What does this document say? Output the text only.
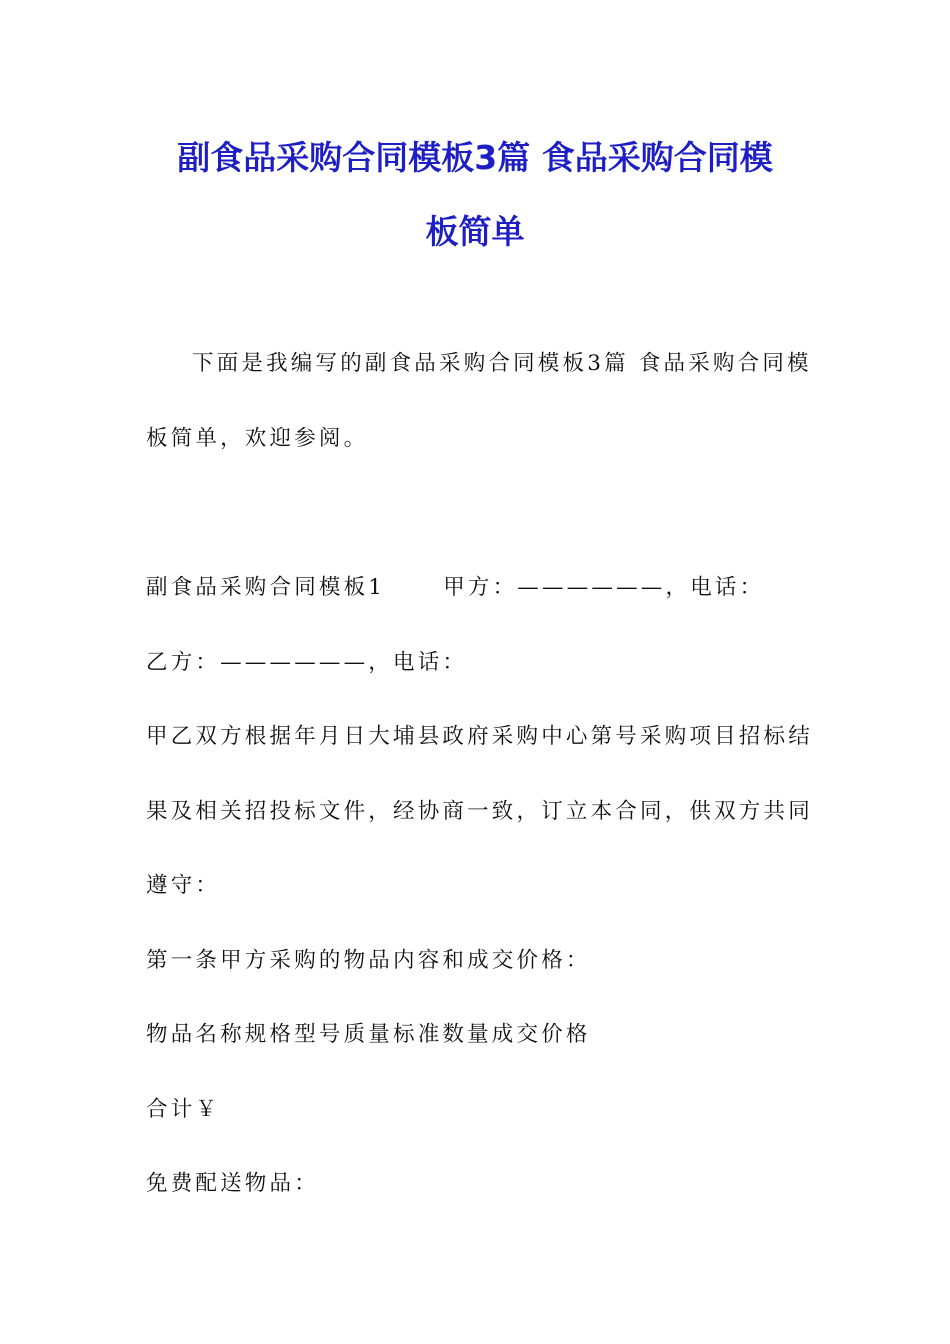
副食品采购合同模板3篇 食品采购合同模
板简单
下面是我编写的副食品采购合同模板3篇 食品采购合同模
板简单，欢迎参阅。
副食品采购合同模板1	甲方：——————，电话：
乙方：——————，电话：
甲乙双方根据年月日大埔县政府采购中心第号采购项目招标结
果及相关招投标文件，经协商一致，订立本合同，供双方共同
遵守：
第一条甲方采购的物品内容和成交价格：
物品名称规格型号质量标准数量成交价格
合计￥
免费配送物品：
